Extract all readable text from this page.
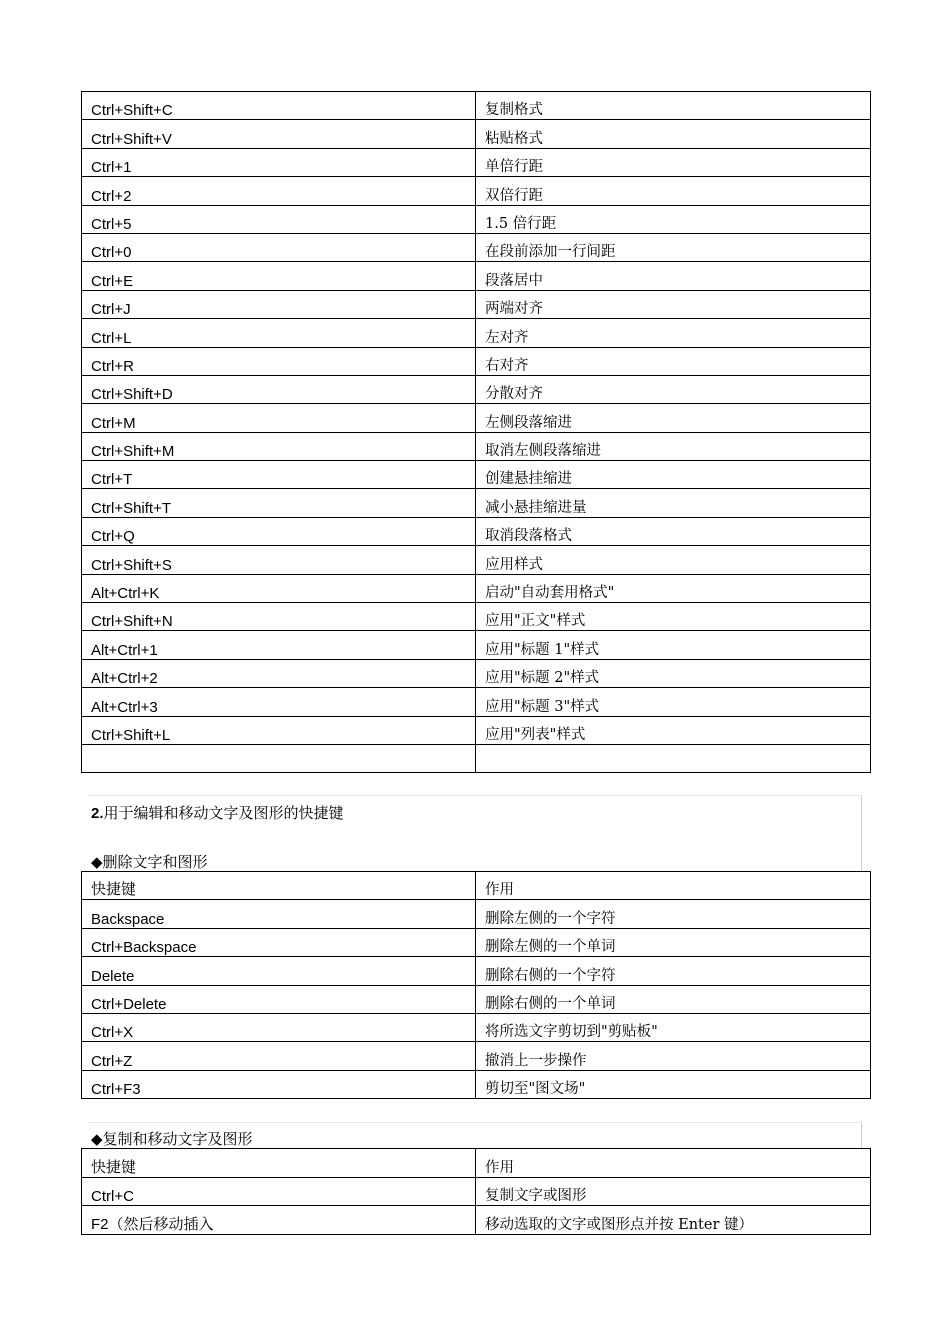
Ctrl+Shift+C	复制格式
Ctrl+Shift+V	粘贴格式
Ctrl+1	单倍行距
Ctrl+2	双倍行距
Ctrl+5	1.5 倍行距
Ctrl+0	在段前添加一行间距
Ctrl+E	段落居中
Ctrl+J	两端对齐
Ctrl+L	左对齐
Ctrl+R	右对齐
Ctrl+Shift+D	分散对齐
Ctrl+M	左侧段落缩进
Ctrl+Shift+M	取消左侧段落缩进
Ctrl+T	创建悬挂缩进
Ctrl+Shift+T	减小悬挂缩进量
Ctrl+Q	取消段落格式
Ctrl+Shift+S	应用样式
Alt+Ctrl+K	启动"自动套用格式"
Ctrl+Shift+N	应用"正文"样式
Alt+Ctrl+1	应用"标题 1"样式
Alt+Ctrl+2	应用"标题 2"样式
Alt+Ctrl+3	应用"标题 3"样式
Ctrl+Shift+L	应用"列表"样式

2.用于编辑和移动文字及图形的快捷键
◆删除文字和图形
快捷键	作用
Backspace	删除左侧的一个字符
Ctrl+Backspace	删除左侧的一个单词
Delete	删除右侧的一个字符
Ctrl+Delete	删除右侧的一个单词
Ctrl+X	将所选文字剪切到"剪贴板"
Ctrl+Z	撤消上一步操作
Ctrl+F3	剪切至"图文场"
◆复制和移动文字及图形
快捷键	作用
Ctrl+C	复制文字或图形
F2（然后移动插入	移动选取的文字或图形点并按 Enter 键）
